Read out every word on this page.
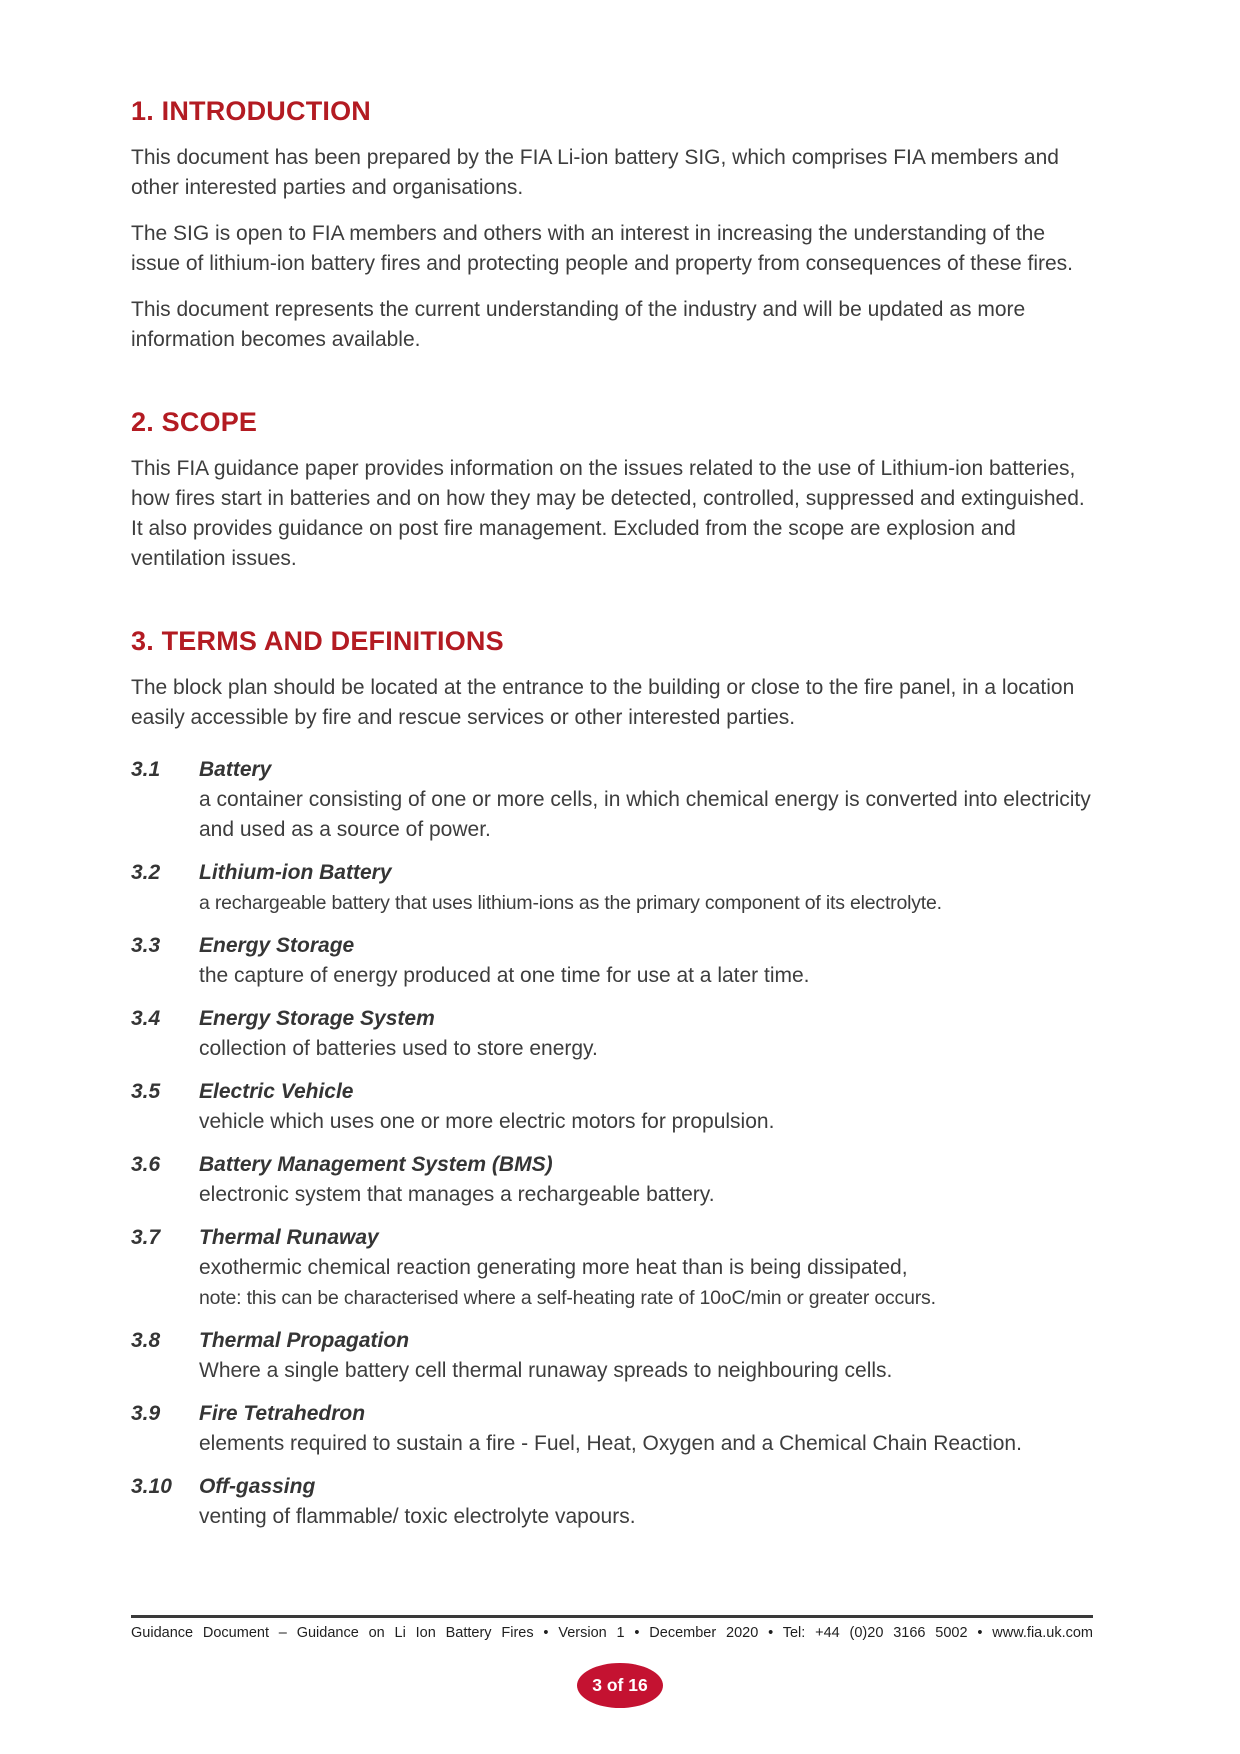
1. INTRODUCTION

This document has been prepared by the FIA Li-ion battery SIG, which comprises FIA members and other interested parties and organisations.

The SIG is open to FIA members and others with an interest in increasing the understanding of the issue of lithium-ion battery fires and protecting people and property from consequences of these fires.

This document represents the current understanding of the industry and will be updated as more information becomes available.

2. SCOPE

This FIA guidance paper provides information on the issues related to the use of Lithium-ion batteries, how fires start in batteries and on how they may be detected, controlled, suppressed and extinguished. It also provides guidance on post fire management. Excluded from the scope are explosion and ventilation issues.

3. TERMS AND DEFINITIONS

The block plan should be located at the entrance to the building or close to the fire panel, in a location easily accessible by fire and rescue services or other interested parties.

3.1	Battery
a container consisting of one or more cells, in which chemical energy is converted into electricity and used as a source of power.
3.2	Lithium-ion Battery
a rechargeable battery that uses lithium-ions as the primary component of its electrolyte.
3.3	Energy Storage
the capture of energy produced at one time for use at a later time.
3.4	Energy Storage System
collection of batteries used to store energy.
3.5	Electric Vehicle
vehicle which uses one or more electric motors for propulsion.
3.6	Battery Management System (BMS)
electronic system that manages a rechargeable battery.
3.7	Thermal Runaway
exothermic chemical reaction generating more heat than is being dissipated,
note: this can be characterised where a self-heating rate of 10oC/min or greater occurs.
3.8	Thermal Propagation
Where a single battery cell thermal runaway spreads to neighbouring cells.
3.9	Fire Tetrahedron
elements required to sustain a fire - Fuel, Heat, Oxygen and a Chemical Chain Reaction.
3.10	Off-gassing
venting of flammable/ toxic electrolyte vapours.
Guidance Document – Guidance on Li Ion Battery Fires • Version 1 • December 2020 • Tel: +44 (0)20 3166 5002 • www.fia.uk.com
3 of 16
